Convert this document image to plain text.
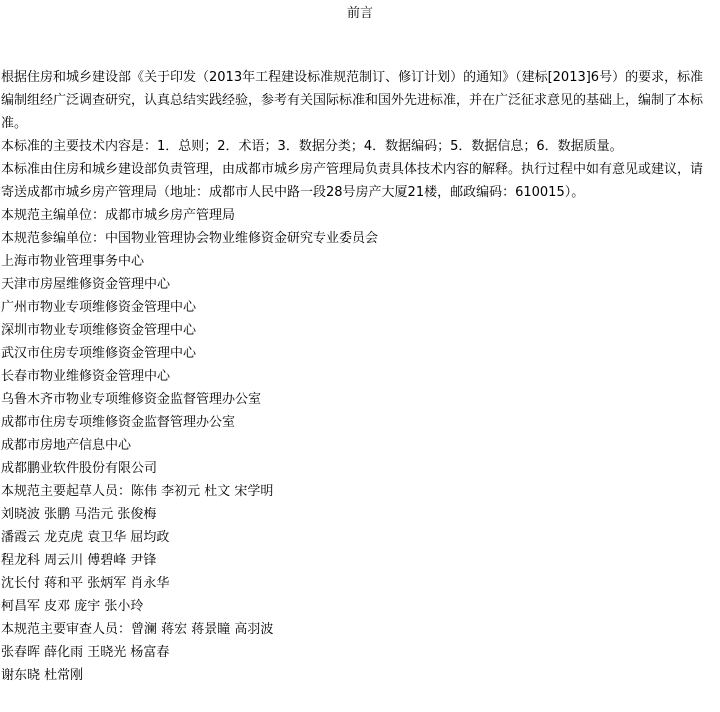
前言

根据住房和城乡建设部《关于印发（2013年工程建设标准规范制订、修订计划）的通知》（建标[2013]6号）的要求，标准编制组经广泛调查研究，认真总结实践经验，参考有关国际标准和国外先进标准，并在广泛征求意见的基础上，编制了本标准。

本标准的主要技术内容是：1．总则；2．术语；3．数据分类；4．数据编码；5．数据信息；6．数据质量。

本标准由住房和城乡建设部负责管理，由成都市城乡房产管理局负责具体技术内容的解释。执行过程中如有意见或建议，请寄送成都市城乡房产管理局（地址：成都市人民中路一段28号房产大厦21楼，邮政编码：610015）。

本规范主编单位：成都市城乡房产管理局

本规范参编单位：中国物业管理协会物业维修资金研究专业委员会

上海市物业管理事务中心

天津市房屋维修资金管理中心

广州市物业专项维修资金管理中心

深圳市物业专项维修资金管理中心

武汉市住房专项维修资金管理中心

长春市物业维修资金管理中心

乌鲁木齐市物业专项维修资金监督管理办公室

成都市住房专项维修资金监督管理办公室

成都市房地产信息中心

成都鹏业软件股份有限公司

本规范主要起草人员：陈伟 李初元 杜文 宋学明

刘晓波 张鹏 马浩元 张俊梅

潘霞云 龙克虎 袁卫华 屈均政

程龙科 周云川 傅碧峰 尹锋

沈长付 蒋和平 张炳军 肖永华

柯昌军 皮邓 庞宇 张小玲

本规范主要审查人员：曾澜 蒋宏 蒋景瞳 高羽波

张春晖 薛化雨 王晓光 杨富春

谢东晓 杜常刚
